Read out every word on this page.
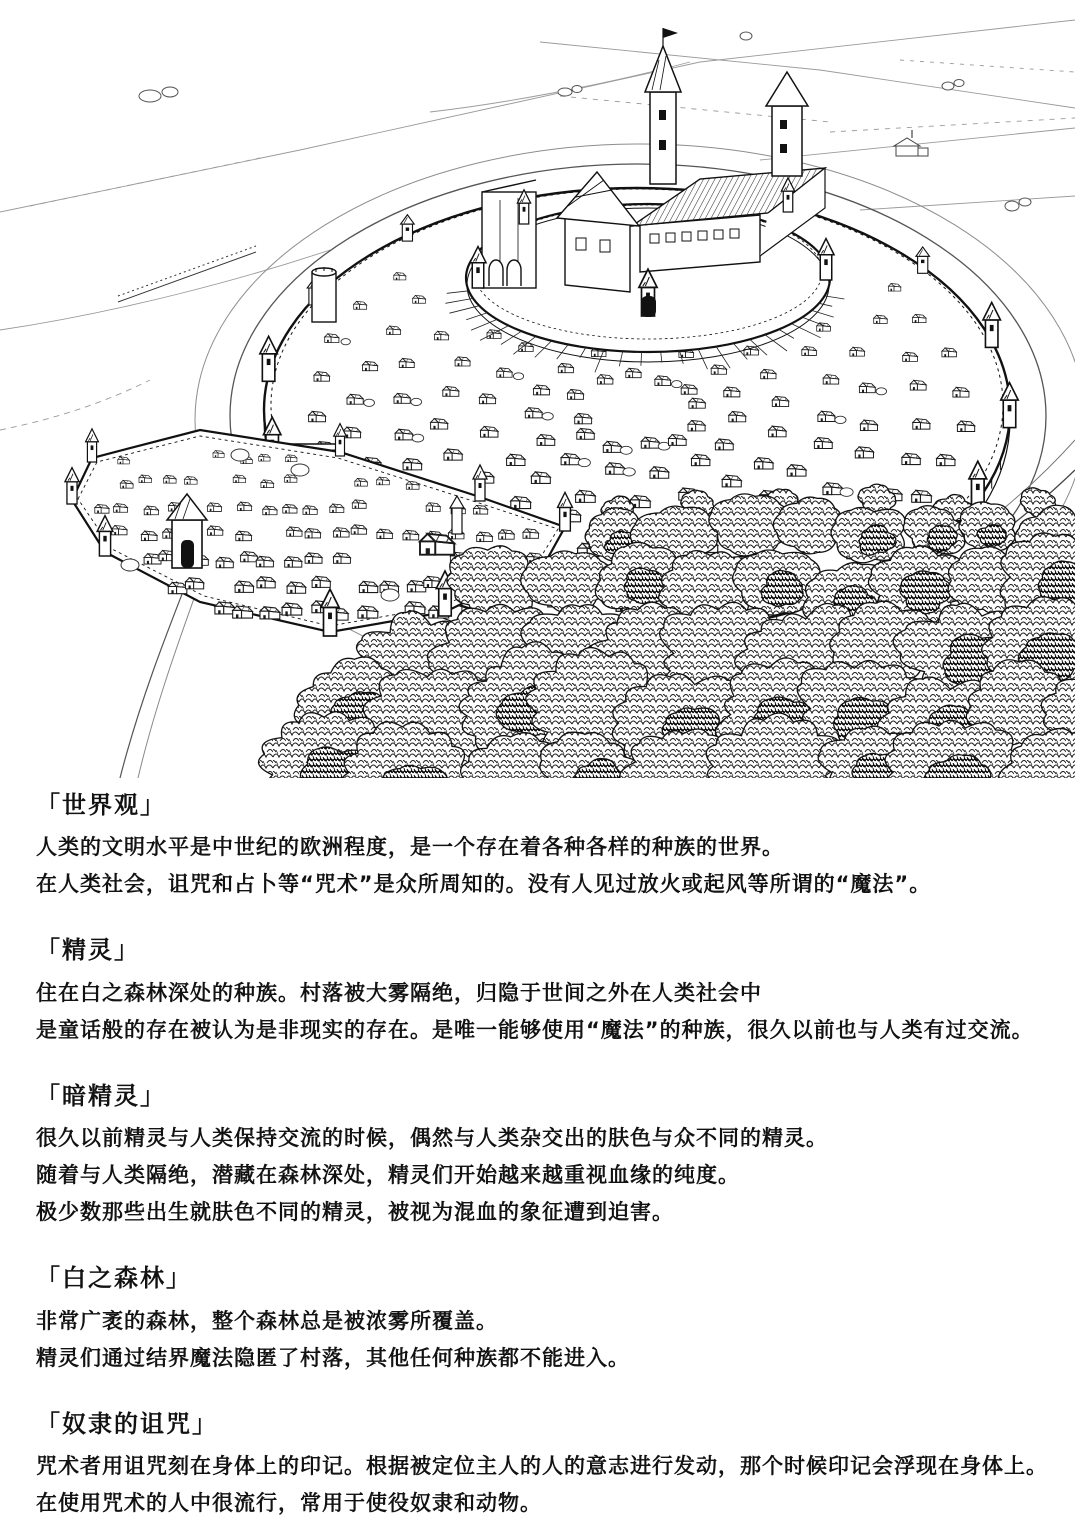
「世界观」

人类的文明水平是中世纪的欧洲程度，是一个存在着各种各样的种族的世界。

在人类社会，诅咒和占卜等“咒术”是众所周知的。没有人见过放火或起风等所谓的“魔法”。

「精灵」

住在白之森林深处的种族。村落被大雾隔绝，归隐于世间之外在人类社会中

是童话般的存在被认为是非现实的存在。是唯一能够使用“魔法”的种族，很久以前也与人类有过交流。

「暗精灵」

很久以前精灵与人类保持交流的时候，偶然与人类杂交出的肤色与众不同的精灵。

随着与人类隔绝，潜藏在森林深处，精灵们开始越来越重视血缘的纯度。

极少数那些出生就肤色不同的精灵，被视为混血的象征遭到迫害。

「白之森林」

非常广袤的森林，整个森林总是被浓雾所覆盖。

精灵们通过结界魔法隐匿了村落，其他任何种族都不能进入。

「奴隶的诅咒」

咒术者用诅咒刻在身体上的印记。根据被定位主人的人的意志进行发动，那个时候印记会浮现在身体上。

在使用咒术的人中很流行，常用于使役奴隶和动物。
